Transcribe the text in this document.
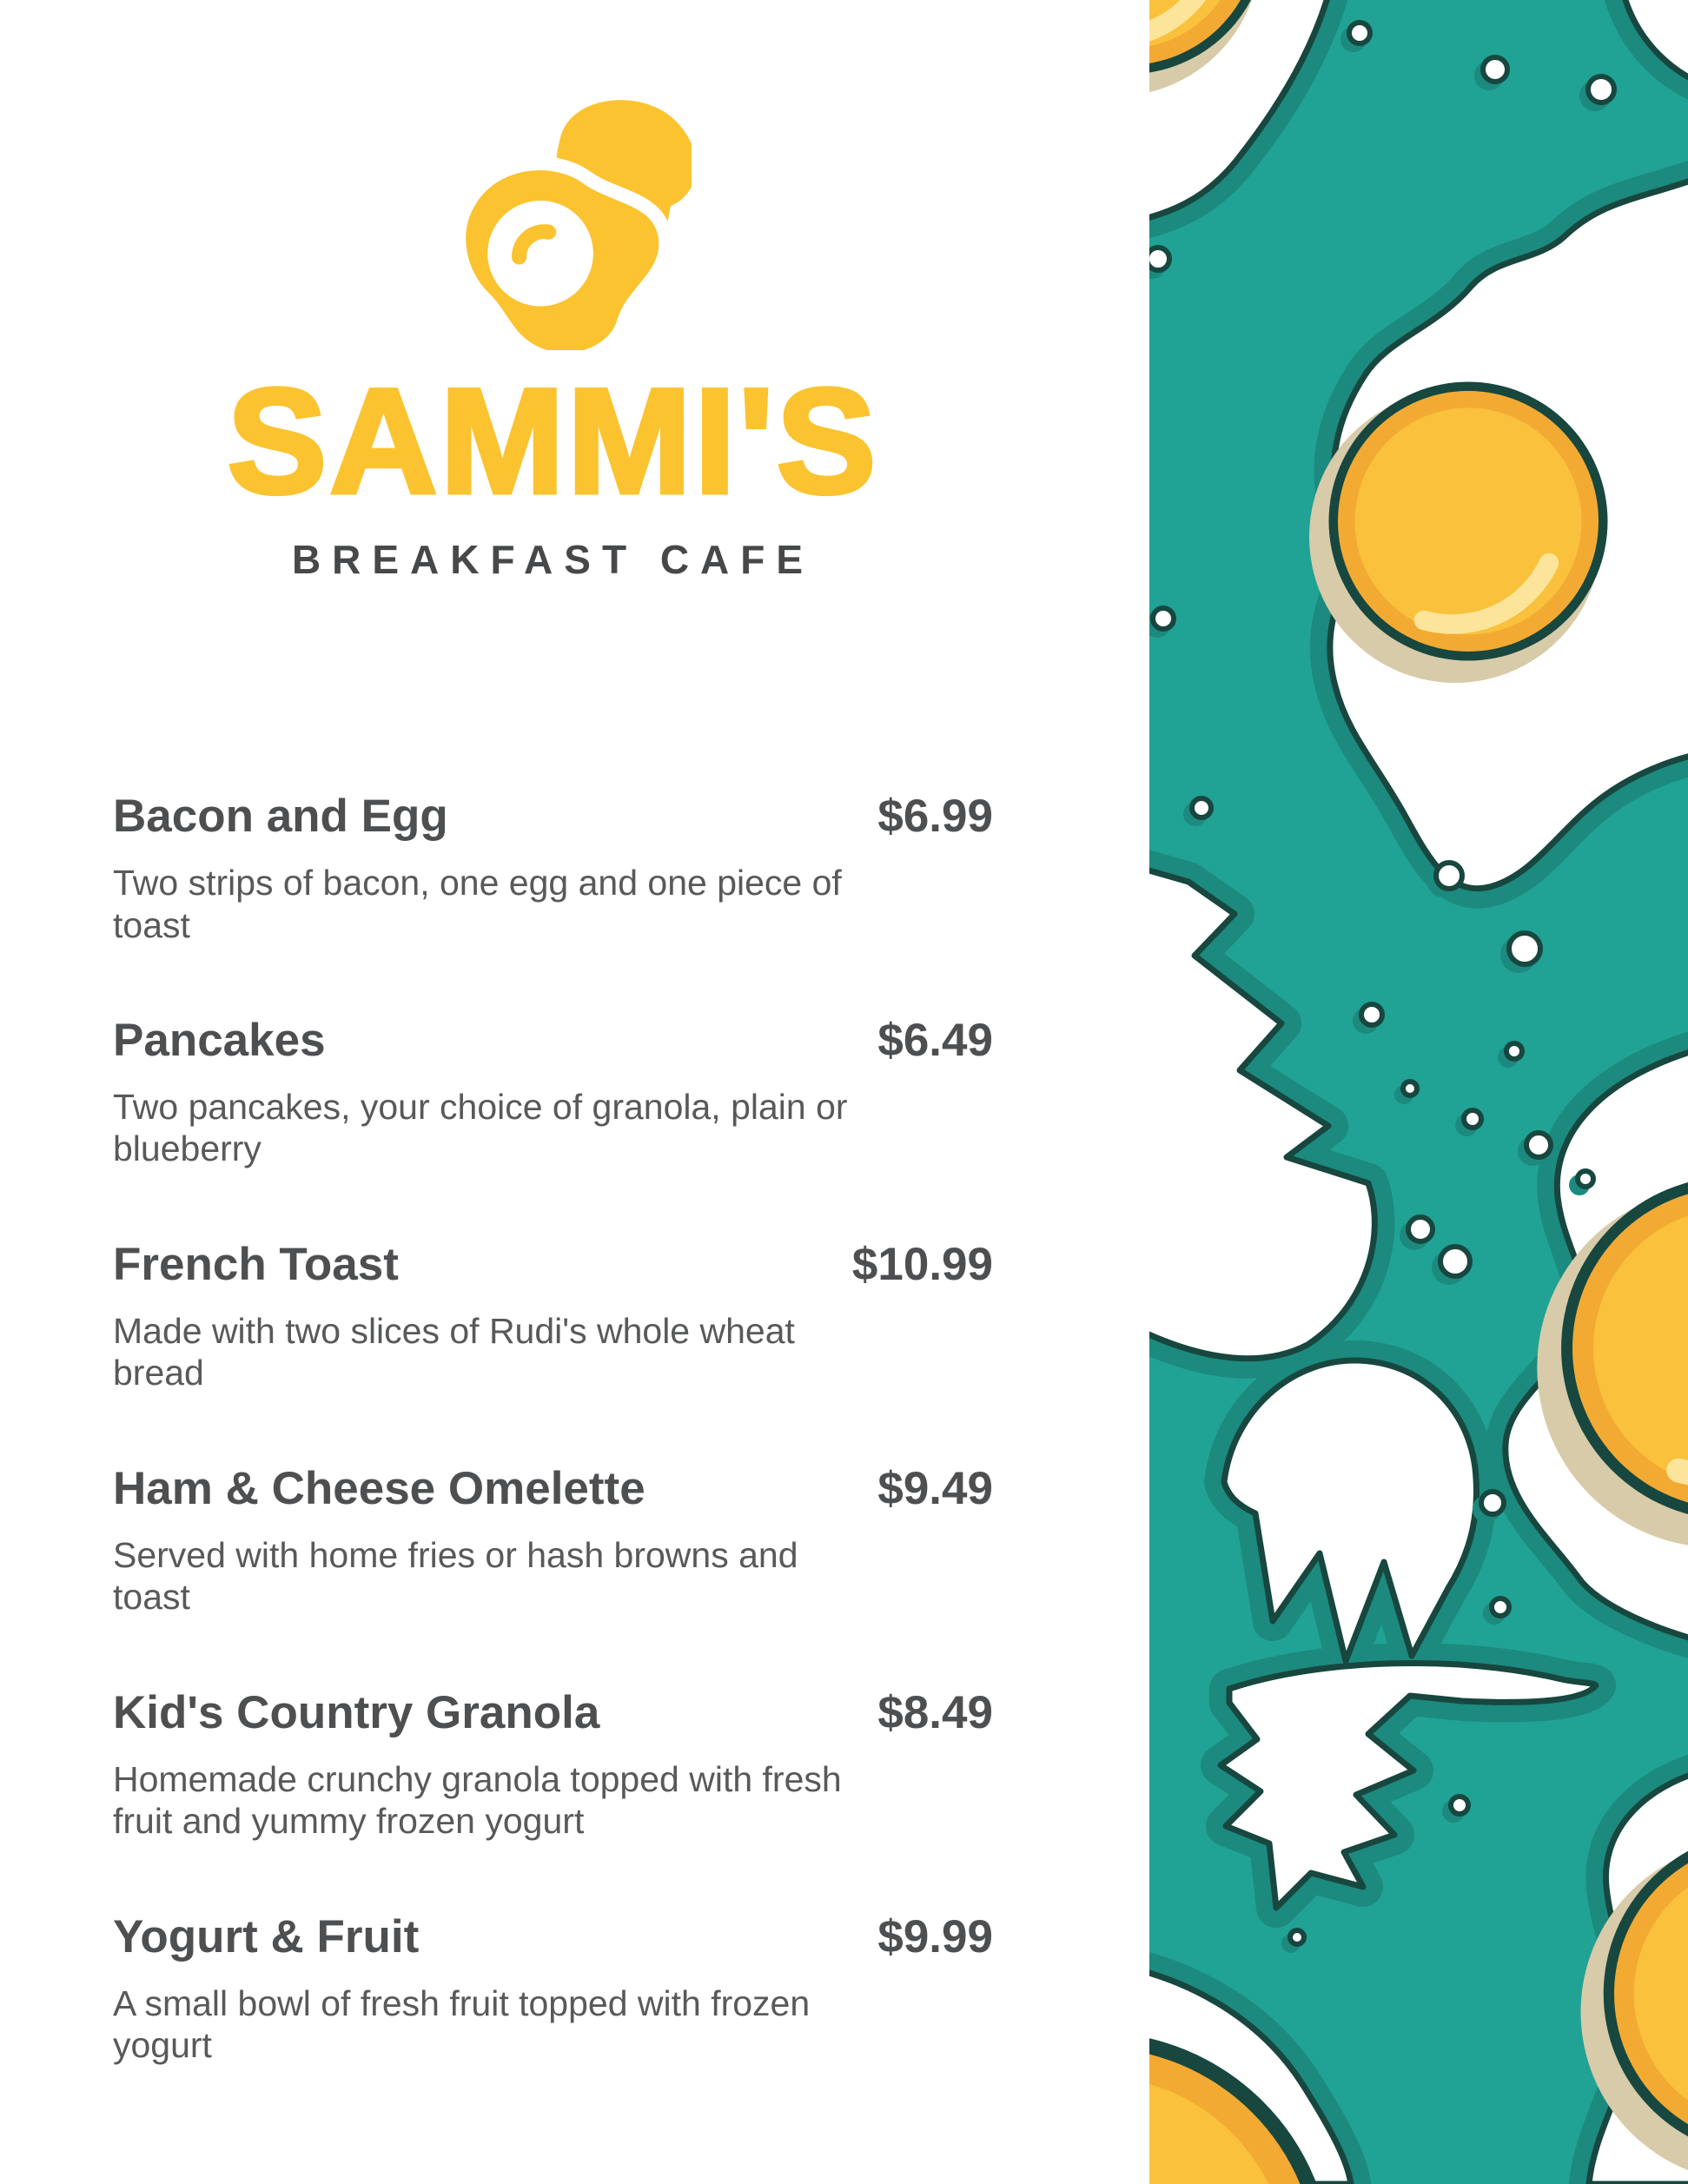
SAMMI'S
BREAKFAST CAFE
Bacon and Egg	$6.99
Two strips of bacon, one egg and one piece of toast
Pancakes	$6.49
Two pancakes, your choice of granola, plain or blueberry
French Toast	$10.99
Made with two slices of Rudi's whole wheat bread
Ham & Cheese Omelette	$9.49
Served with home fries or hash browns and toast
Kid's Country Granola	$8.49
Homemade crunchy granola topped with fresh fruit and yummy frozen yogurt
Yogurt & Fruit	$9.99
A small bowl of fresh fruit topped with frozen yogurt
